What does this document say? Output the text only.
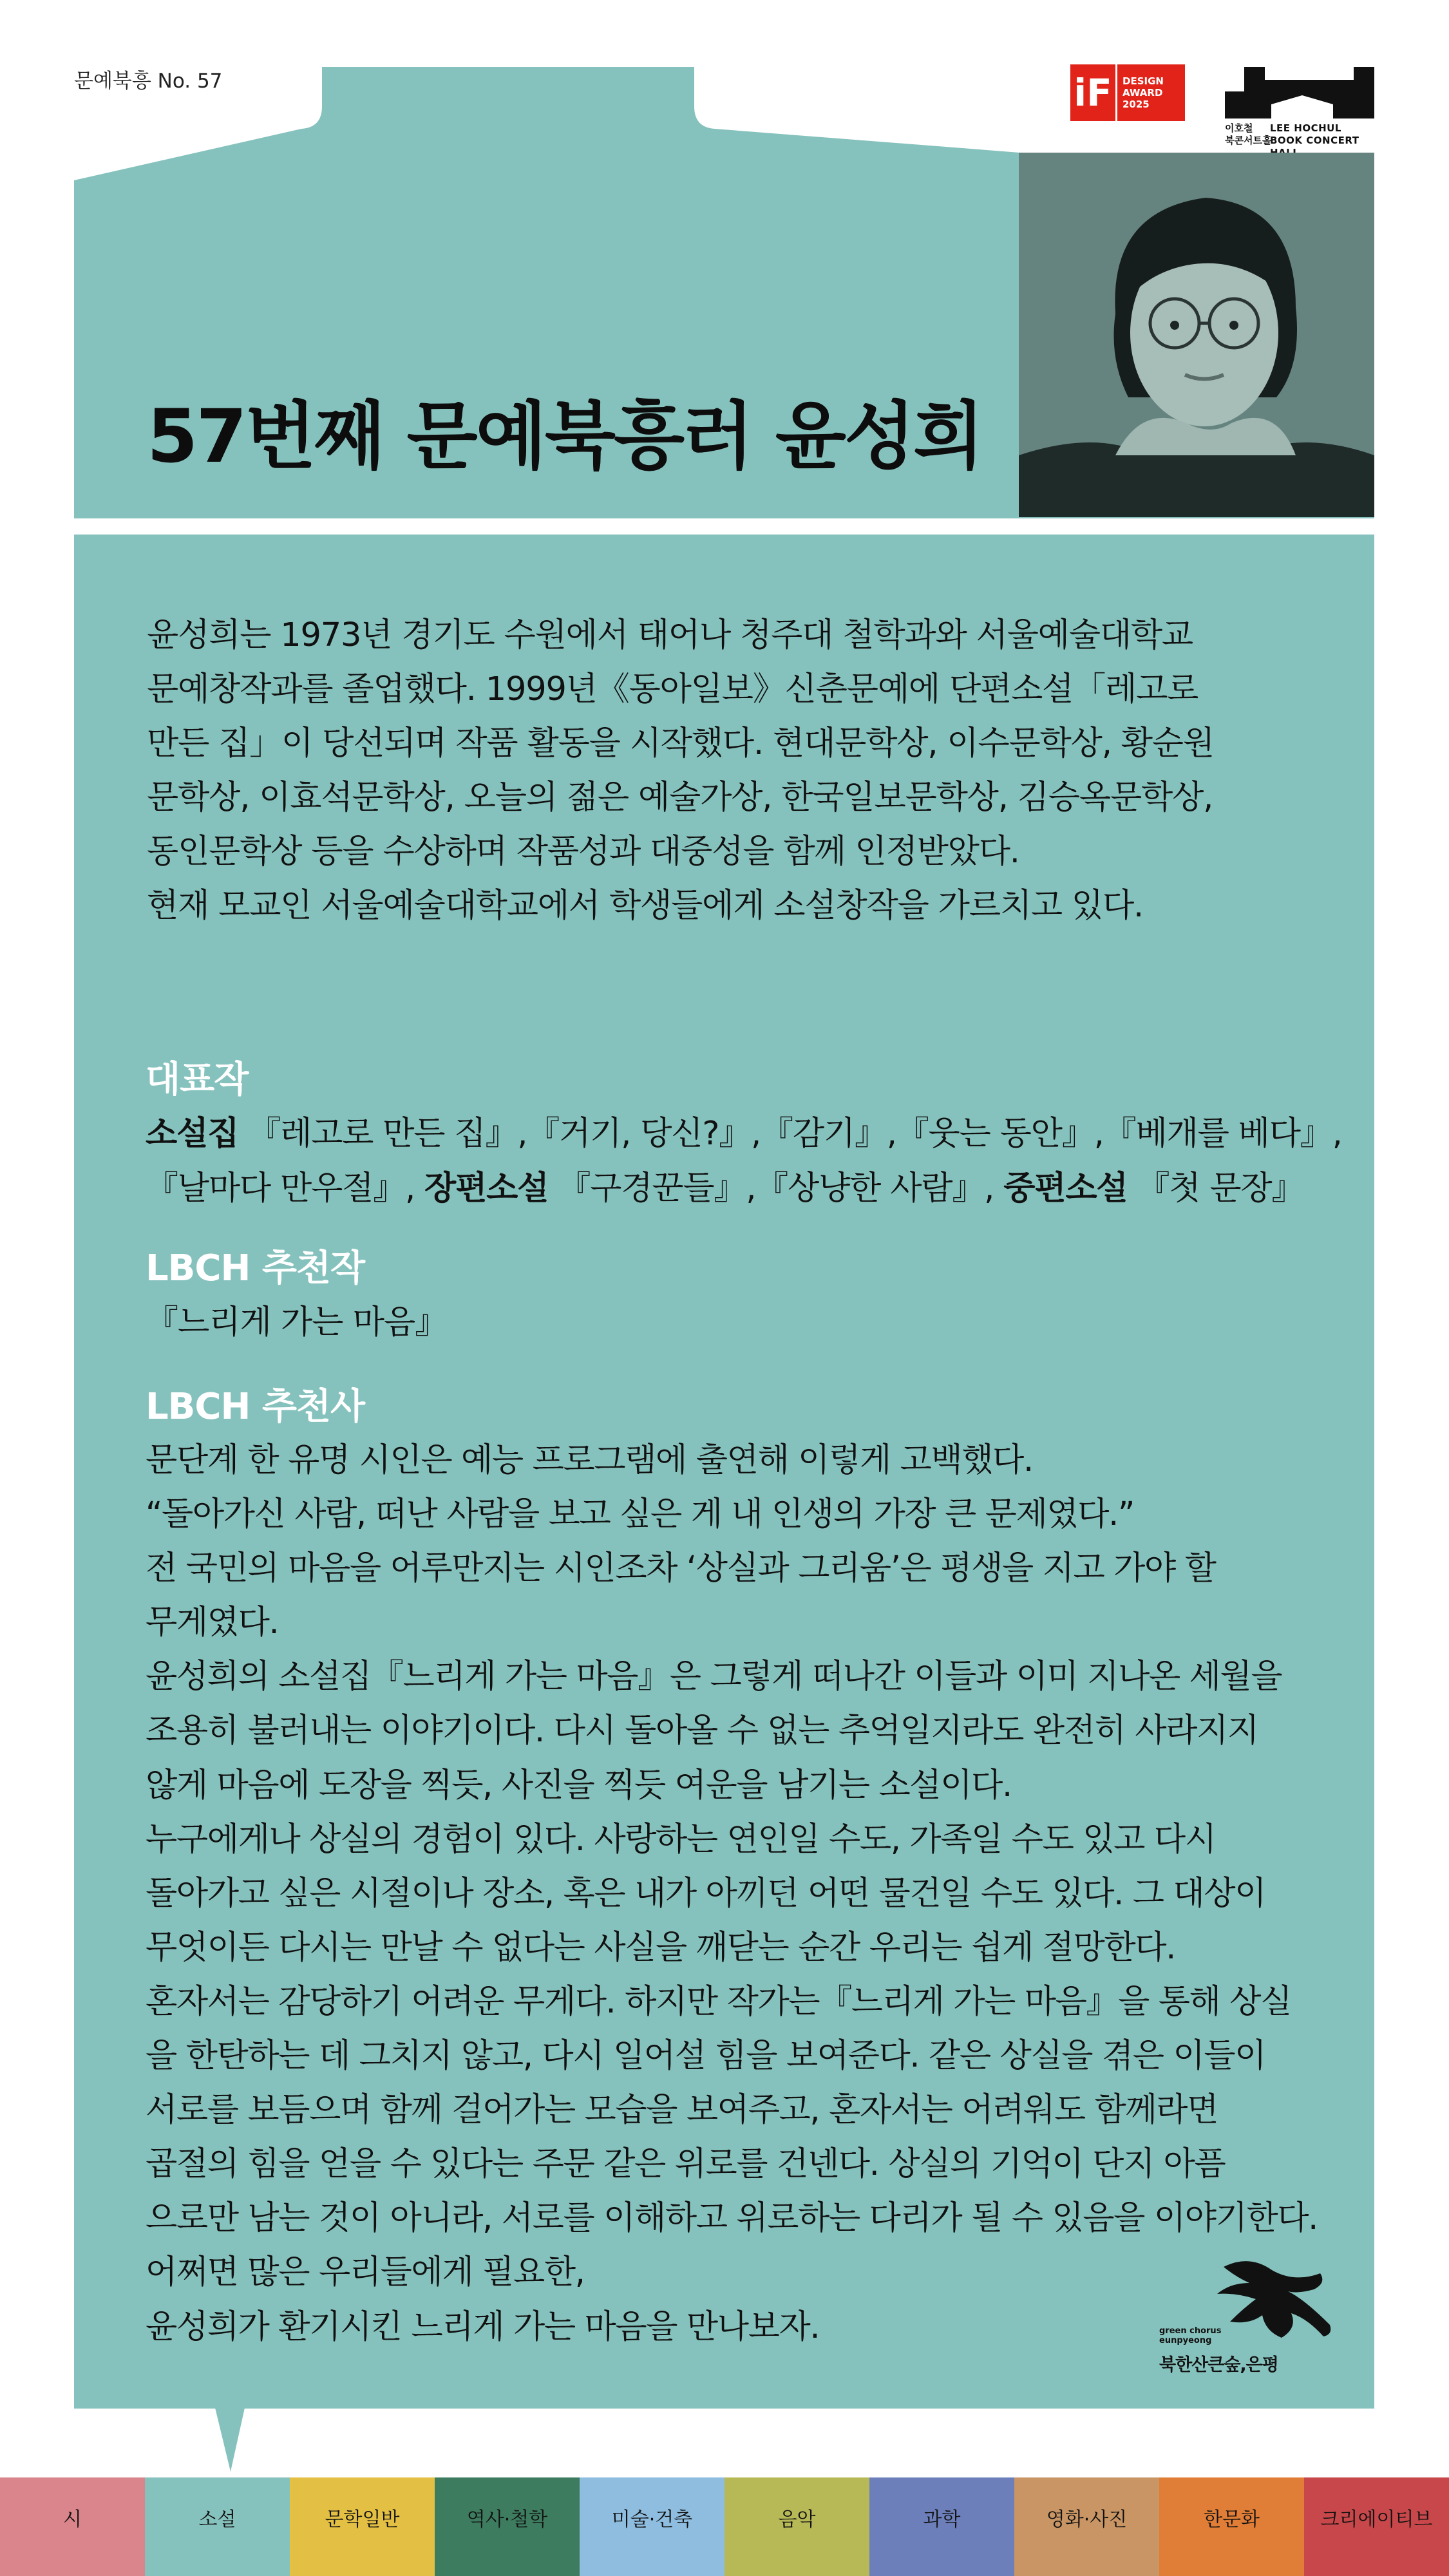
문예북흥 No. 57	iF	DESIGN
AWARD
2025
이호철
북콘서트홀
LEE HOCHUL
BOOK CONCERT
57번째 문예북흥러 윤성희

윤성희는 1973년 경기도 수원에서 태어나 청주대 철학과와 서울예술대학교
문예창작과를 졸업했다. 1999년《동아일보》신춘문예에 단편소설「레고로
만든 집」이 당선되며 작품 활동을 시작했다. 현대문학상, 이수문학상, 황순원
문학상, 이효석문학상, 오늘의 젊은 예술가상, 한국일보문학상, 김승옥문학상,
동인문학상 등을 수상하며 작품성과 대중성을 함께 인정받았다.
현재 모교인 서울예술대학교에서 학생들에게 소설창작을 가르치고 있다.

대표작

소설집 『레고로 만든 집』,『거기, 당신?』,『감기』,『웃는 동안』,『베개를 베다』,
『날마다 만우절』, 장편소설 『구경꾼들』,『상냥한 사람』, 중편소설 『첫 문장』

LBCH 추천작

『느리게 가는 마음』

LBCH 추천사

문단계 한 유명 시인은 예능 프로그램에 출연해 이렇게 고백했다.
“돌아가신 사람, 떠난 사람을 보고 싶은 게 내 인생의 가장 큰 문제였다.”
전 국민의 마음을 어루만지는 시인조차 ‘상실과 그리움’은 평생을 지고 가야 할
무게였다.
윤성희의 소설집『느리게 가는 마음』은 그렇게 떠나간 이들과 이미 지나온 세월을
조용히 불러내는 이야기이다. 다시 돌아올 수 없는 추억일지라도 완전히 사라지지
않게 마음에 도장을 찍듯, 사진을 찍듯 여운을 남기는 소설이다.
누구에게나 상실의 경험이 있다. 사랑하는 연인일 수도, 가족일 수도 있고 다시
돌아가고 싶은 시절이나 장소, 혹은 내가 아끼던 어떤 물건일 수도 있다. 그 대상이
무엇이든 다시는 만날 수 없다는 사실을 깨닫는 순간 우리는 쉽게 절망한다.
혼자서는 감당하기 어려운 무게다. 하지만 작가는『느리게 가는 마음』을 통해 상실
을 한탄하는 데 그치지 않고, 다시 일어설 힘을 보여준다. 같은 상실을 겪은 이들이
서로를 보듬으며 함께 걸어가는 모습을 보여주고, 혼자서는 어려워도 함께라면
곱절의 힘을 얻을 수 있다는 주문 같은 위로를 건넨다. 상실의 기억이 단지 아픔
으로만 남는 것이 아니라, 서로를 이해하고 위로하는 다리가 될 수 있음을 이야기한다.
어쩌면 많은 우리들에게 필요한,
윤성희가 환기시킨 느리게 가는 마음을 만나보자.	green chorus
eunpyeong
북한산큰숲,은평
시	소설	문학일반	역사·철학	미술·건축	음악	과학	영화·사진	한문화	크리에이티브
